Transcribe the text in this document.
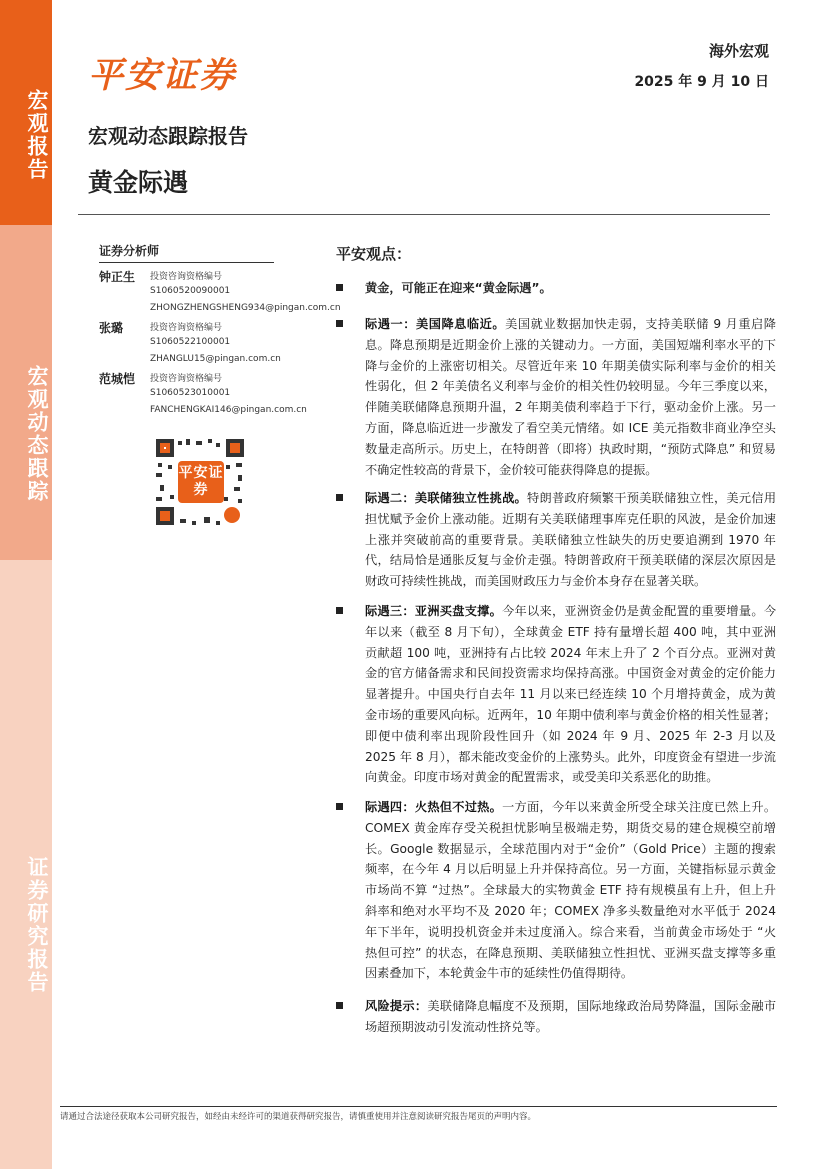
宏观报告
宏观动态跟踪
证券研究报告
平安证券
海外宏观
2025 年 9 月 10 日
宏观动态跟踪报告
黄金际遇
证券分析师
钟正生 投资咨询资格编号
S1060520090001
ZHONGZHENGSHENG934@pingan.com.cn
张璐	投资咨询资格编号
S1060522100001
ZHANGLU15@pingan.com.cn
范城恺 投资咨询资格编号
S1060523010001
FANCHENGKAI146@pingan.com.cn
平安证券
平安观点：
黄金，可能正在迎来“黄金际遇”。
际遇一：美国降息临近。美国就业数据加快走弱，支持美联储 9 月重启降息。降息预期是近期金价上涨的关键动力。一方面，美国短端利率水平的下降与金价的上涨密切相关。尽管近年来 10 年期美债实际利率与金价的相关性弱化，但 2 年美债名义利率与金价的相关性仍较明显。今年三季度以来，伴随美联储降息预期升温，2 年期美债利率趋于下行，驱动金价上涨。另一方面，降息临近进一步激发了看空美元情绪。如 ICE 美元指数非商业净空头数量走高所示。历史上，在特朗普（即将）执政时期，“预防式降息” 和贸易不确定性较高的背景下，金价较可能获得降息的提振。
际遇二：美联储独立性挑战。特朗普政府频繁干预美联储独立性，美元信用担忧赋予金价上涨动能。近期有关美联储理事库克任职的风波，是金价加速上涨并突破前高的重要背景。美联储独立性缺失的历史要追溯到 1970 年代，结局恰是通胀反复与金价走强。特朗普政府干预美联储的深层次原因是财政可持续性挑战，而美国财政压力与金价本身存在显著关联。
际遇三：亚洲买盘支撑。今年以来，亚洲资金仍是黄金配置的重要增量。今年以来（截至 8 月下旬），全球黄金 ETF 持有量增长超 400 吨，其中亚洲贡献超 100 吨，亚洲持有占比较 2024 年末上升了 2 个百分点。亚洲对黄金的官方储备需求和民间投资需求均保持高涨。中国资金对黄金的定价能力显著提升。中国央行自去年 11 月以来已经连续 10 个月增持黄金，成为黄金市场的重要风向标。近两年，10 年期中债利率与黄金价格的相关性显著；即便中债利率出现阶段性回升（如 2024 年 9 月、2025 年 2-3 月以及 2025 年 8 月），都未能改变金价的上涨势头。此外，印度资金有望进一步流向黄金。印度市场对黄金的配置需求，或受美印关系恶化的助推。
际遇四：火热但不过热。一方面，今年以来黄金所受全球关注度已然上升。COMEX 黄金库存受关税担忧影响呈极端走势，期货交易的建仓规模空前增长。Google 数据显示，全球范围内对于“金价”（Gold Price）主题的搜索频率，在今年 4 月以后明显上升并保持高位。另一方面，关键指标显示黄金市场尚不算 “过热”。全球最大的实物黄金 ETF 持有规模虽有上升，但上升斜率和绝对水平均不及 2020 年；COMEX 净多头数量绝对水平低于 2024 年下半年，说明投机资金并未过度涌入。综合来看，当前黄金市场处于 “火热但可控” 的状态，在降息预期、美联储独立性担忧、亚洲买盘支撑等多重因素叠加下，本轮黄金牛市的延续性仍值得期待。
风险提示：美联储降息幅度不及预期，国际地缘政治局势降温，国际金融市场超预期波动引发流动性挤兑等。
请通过合法途径获取本公司研究报告，如经由未经许可的渠道获得研究报告，请慎重使用并注意阅读研究报告尾页的声明内容。
